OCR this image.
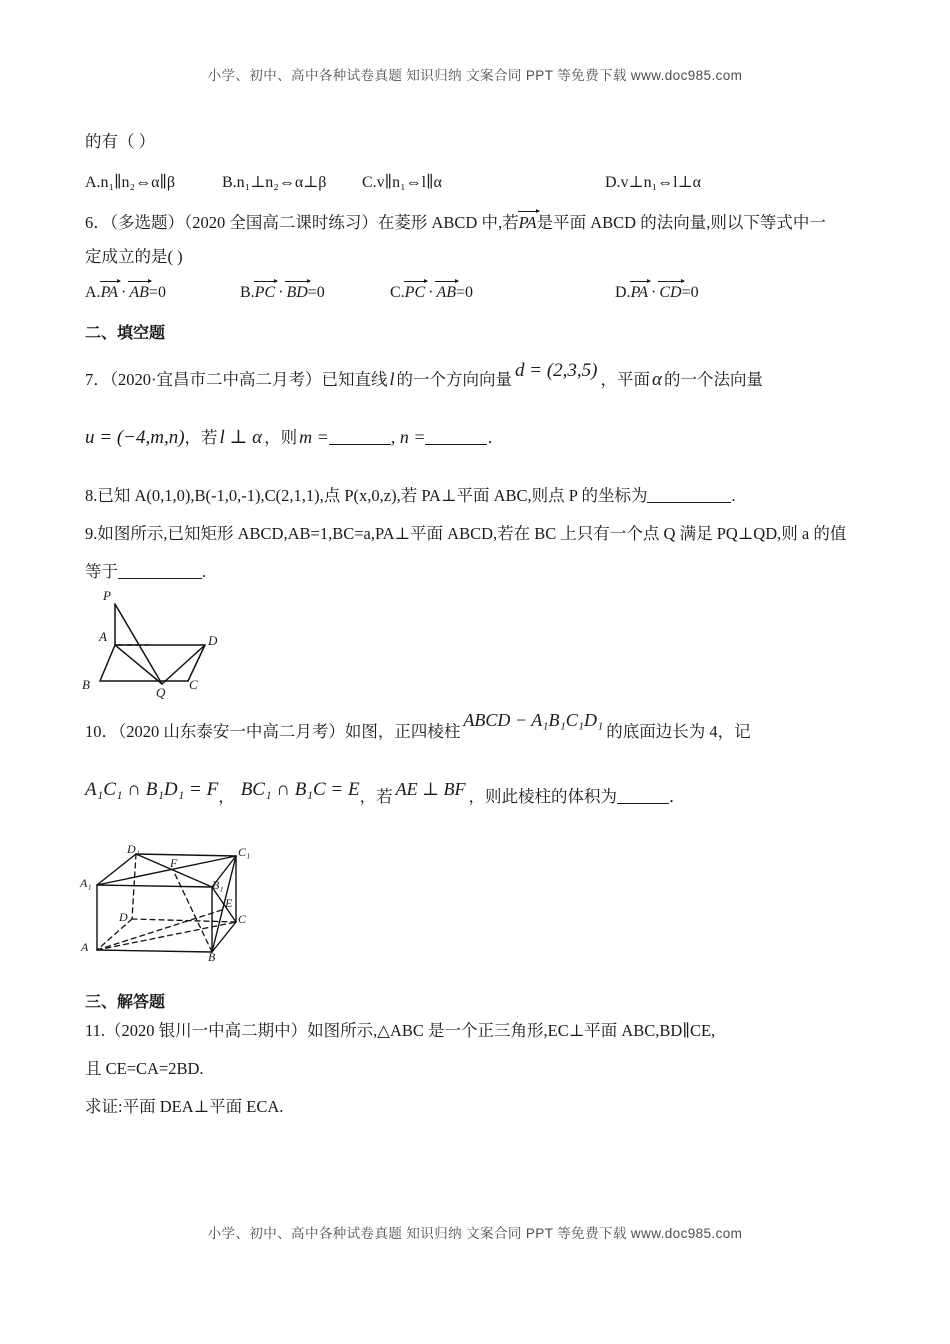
小学、初中、高中各种试卷真题 知识归纳 文案合同 PPT 等免费下载 www.doc985.com
的有（ ）
A.n₁∥n₂⇔α∥β	B.n₁⊥n₂⇔α⊥β C.v∥n₁⇔l∥α	D.v⊥n₁⇔l⊥α
6．（多选题）（2020 全国高二课时练习）在菱形 ABCD 中,若PA是平面 ABCD 的法向量,则以下等式中一
定成立的是( )
A.PA · AB=0	B.PC · BD=0	C.PC · AB=0	D.PA · CD=0
二、填空题
7．（2020·宜昌市二中高二月考）已知直线 l 的一个方向向量 d = (2,3,5) ，平面 α 的一个法向量
u = (−4,m,n)，若 l ⊥ α ，则 m =	, n =	．
8.已知 A(0,1,0),B(-1,0,-1),C(2,1,1),点 P(x,0,z),若 PA⊥平面 ABC,则点 P 的坐标为	.
9.如图所示,已知矩形 ABCD,AB=1,BC=a,PA⊥平面 ABCD,若在 BC 上只有一个点 Q 满足 PQ⊥QD,则 a 的值
等于	.
P
A
B	C
D
Q
10．（2020 山东泰安一中高二月考）如图，正四棱柱ABCD − A₁B₁C₁D₁的底面边长为 4，记
A₁C₁ ∩ B₁D₁ = F， BC₁ ∩ B₁C = E，若 AE ⊥ BF ，则此棱柱的体积为	．
A
B
C
D
A₁	B₁
C₁
D₁
E
F
三、解答题
11.（2020 银川一中高二期中）如图所示,△ABC 是一个正三角形,EC⊥平面 ABC,BD∥CE,
且 CE=CA=2BD.
求证:平面 DEA⊥平面 ECA.
小学、初中、高中各种试卷真题 知识归纳 文案合同 PPT 等免费下载 www.doc985.com
